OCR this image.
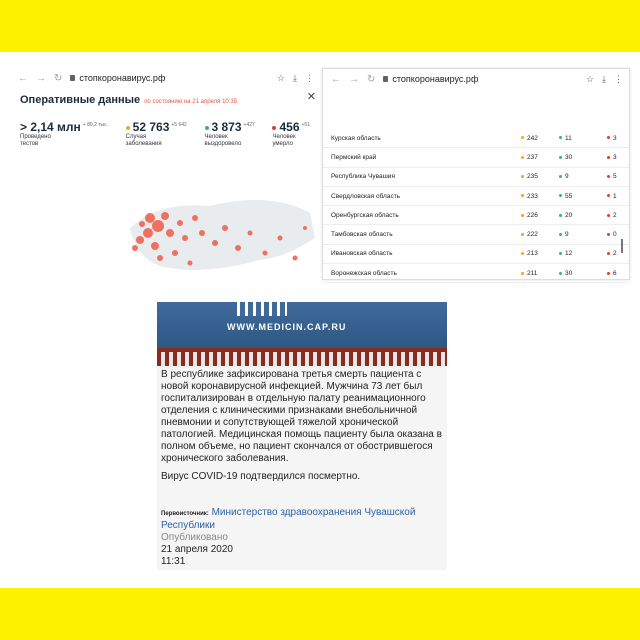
← → ↻ стопкоронавирус.рф	☆ ⤓ ⋮
Оперативные данные по состоянию на 21 апреля 10:35	✕
> 2,14 млн $^{+ 89,2 тыс.}$
Проведено
тестов
52 763 $^{+5 642}$
Случая
заболевания
3 873 $^{+427}$
Человек
выздоровело
456 $^{+51}$
Человек
умерло
← → ↻ стопкоронавирус.рф	☆ ⤓ ⋮
Курская область	242	11	3
Пермский край	237	30	3
Республика Чувашия	235	9	5
Свердловская область	233	55	1
Оренбургская область	226	20	2
Тамбовская область	222	9	0
Ивановская область	213	12	2
Воронежская область	211	30	6
WWW.MEDICIN.CAP.RU

В республике зафиксирована третья смерть пациента с новой коронавирусной инфекцией. Мужчина 73 лет был госпитализирован в отдельную палату реанимационного отделения с клиническими признаками внебольничной пневмонии и сопутствующей тяжелой хронической патологией. Медицинская помощь пациенту была оказана в полном объеме, но пациент скончался от обострившегося хронического заболевания.

Вирус COVID-19 подтвердился посмертно.

Первоисточник: Министерство здравоохранения Чувашской Республики
Опубликовано
21 апреля 2020
11:31
